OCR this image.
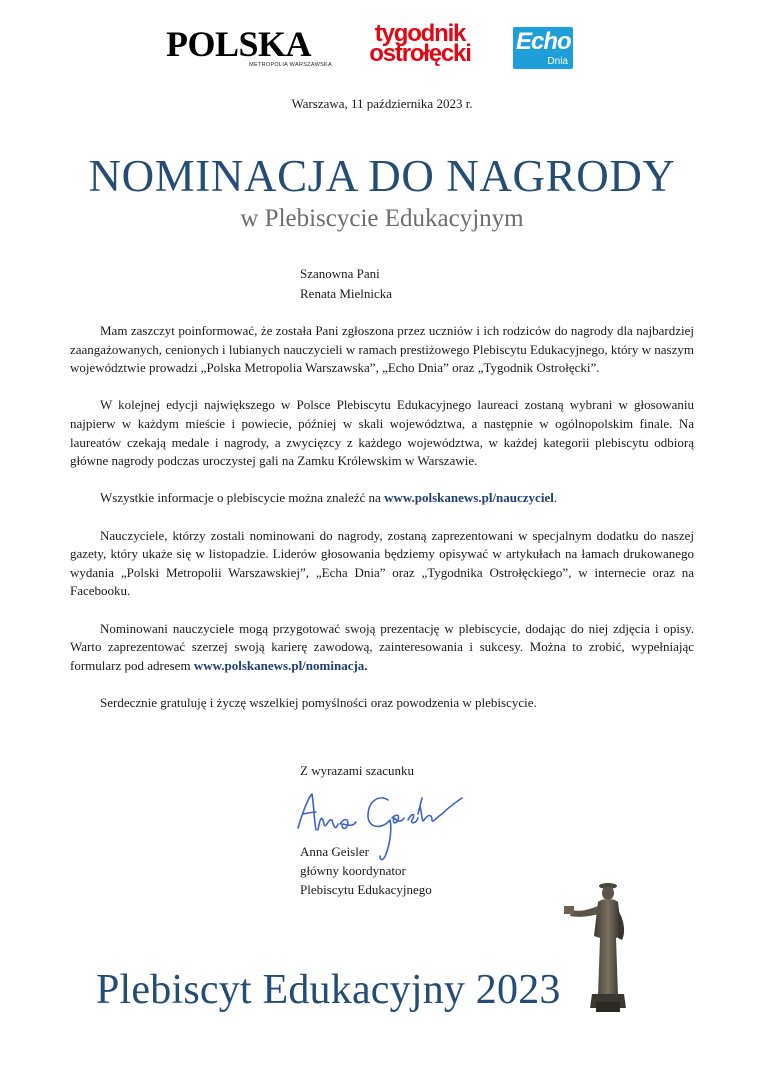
POLSKA
METROPOLIA WARSZAWSKA
tygodnik
ostrołęcki Echo
Dnia
Warszawa, 11 października 2023 r.
NOMINACJA DO NAGRODY
w Plebiscycie Edukacyjnym
Szanowna Pani
Renata Mielnicka

Mam zaszczyt poinformować, że została Pani zgłoszona przez uczniów i ich rodziców do nagrody dla najbardziej zaangażowanych, cenionych i lubianych nauczycieli w ramach prestiżowego Plebiscytu Edukacyjnego, który w naszym województwie prowadzi „Polska Metropolia Warszawska”, „Echo Dnia” oraz „Tygodnik Ostrołęcki”.

W kolejnej edycji największego w Polsce Plebiscytu Edukacyjnego laureaci zostaną wybrani w głosowaniu najpierw w każdym mieście i powiecie, później w skali województwa, a następnie w ogólnopolskim finale. Na laureatów czekają medale i nagrody, a zwycięzcy z każdego województwa, w każdej kategorii plebiscytu odbiorą główne nagrody podczas uroczystej gali na Zamku Królewskim w Warszawie.

Wszystkie informacje o plebiscycie można znaleźć na www.polskanews.pl/nauczyciel.

Nauczyciele, którzy zostali nominowani do nagrody, zostaną zaprezentowani w specjalnym dodatku do naszej gazety, który ukaże się w listopadzie. Liderów głosowania będziemy opisywać w artykułach na łamach drukowanego wydania „Polski Metropolii Warszawskiej”, „Echa Dnia” oraz „Tygodnika Ostrołęckiego”, w internecie oraz na Facebooku.

Nominowani nauczyciele mogą przygotować swoją prezentację w plebiscycie, dodając do niej zdjęcia i opisy. Warto zaprezentować szerzej swoją karierę zawodową, zainteresowania i sukcesy. Można to zrobić, wypełniając formularz pod adresem www.polskanews.pl/nominacja.

Serdecznie gratuluję i życzę wszelkiej pomyślności oraz powodzenia w plebiscycie.

Z wyrazami szacunku
Anna Geisler
główny koordynator
Plebiscytu Edukacyjnego
Plebiscyt Edukacyjny 2023
